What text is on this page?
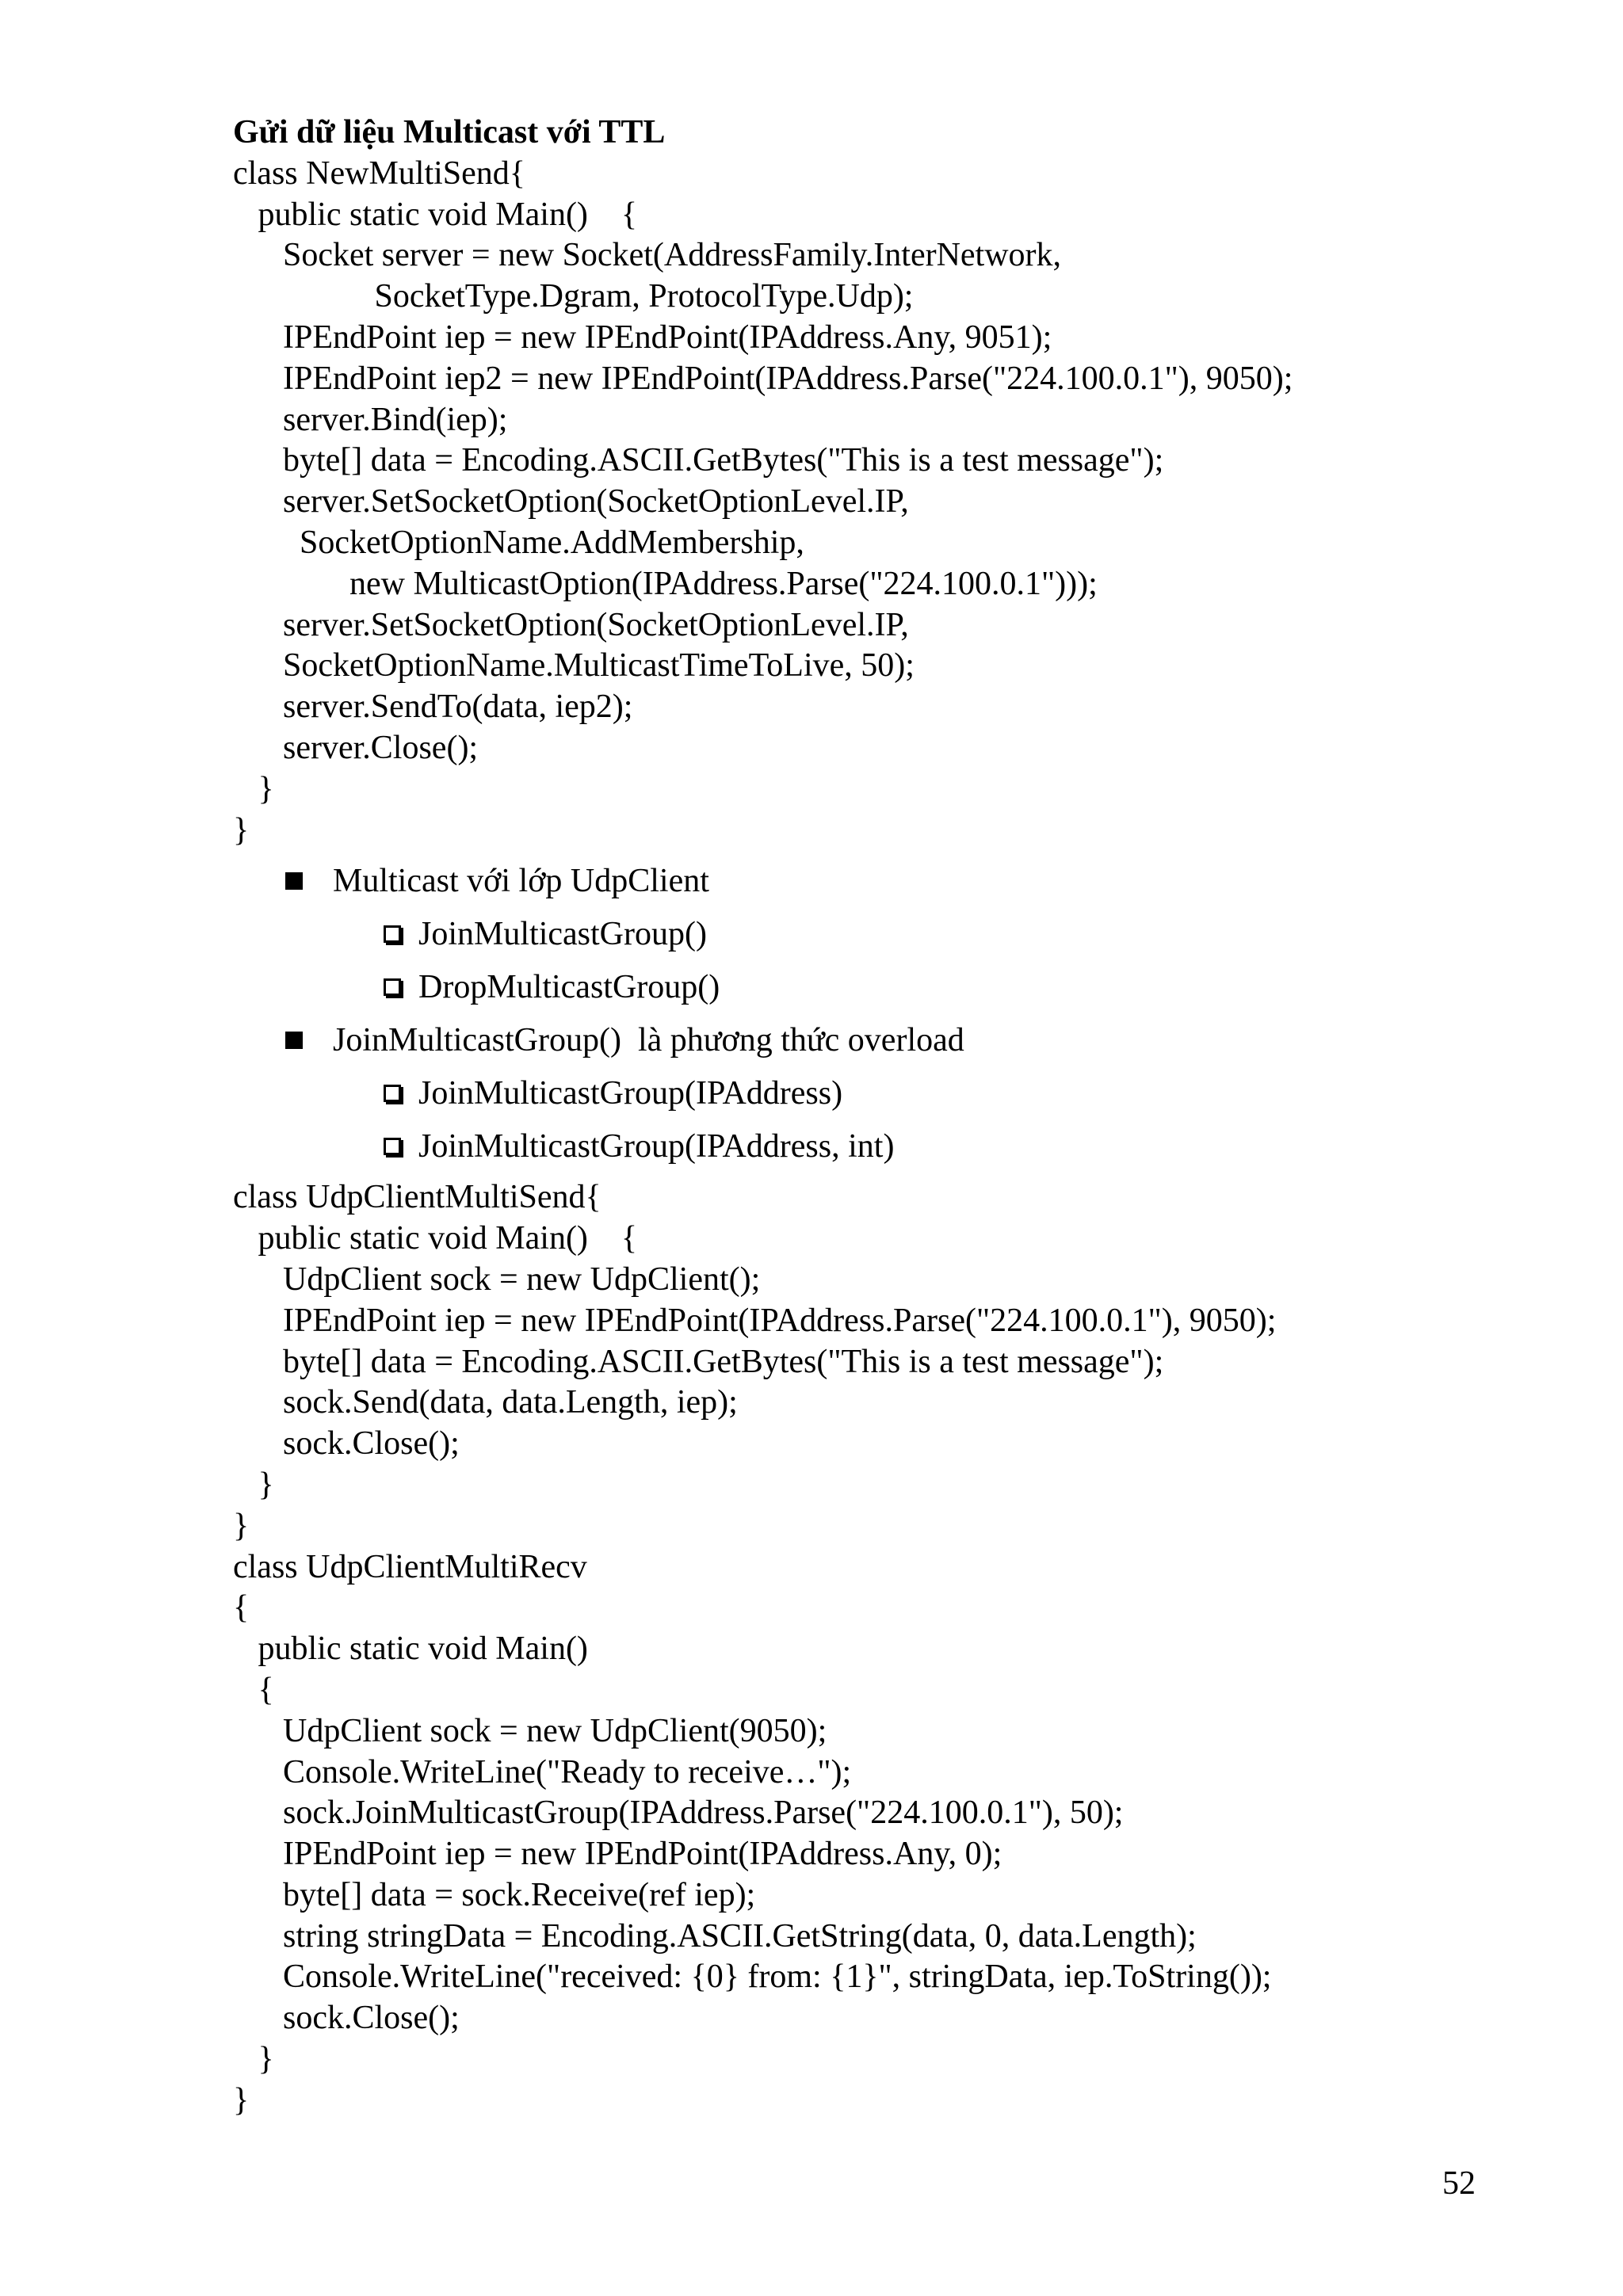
Gửi dữ liệu Multicast với TTL
class NewMultiSend{
public static void Main()    {
Socket server = new Socket(AddressFamily.InterNetwork,
SocketType.Dgram, ProtocolType.Udp);
IPEndPoint iep = new IPEndPoint(IPAddress.Any, 9051);
IPEndPoint iep2 = new IPEndPoint(IPAddress.Parse("224.100.0.1"), 9050);
server.Bind(iep);
byte[] data = Encoding.ASCII.GetBytes("This is a test message");
server.SetSocketOption(SocketOptionLevel.IP,
SocketOptionName.AddMembership,
new MulticastOption(IPAddress.Parse("224.100.0.1")));
server.SetSocketOption(SocketOptionLevel.IP,
SocketOptionName.MulticastTimeToLive, 50);
server.SendTo(data, iep2);
server.Close();
}
}
Multicast với lớp UdpClient
JoinMulticastGroup()
DropMulticastGroup()
JoinMulticastGroup()  là phương thức overload
JoinMulticastGroup(IPAddress)
JoinMulticastGroup(IPAddress, int)
class UdpClientMultiSend{
public static void Main()    {
UdpClient sock = new UdpClient();
IPEndPoint iep = new IPEndPoint(IPAddress.Parse("224.100.0.1"), 9050);
byte[] data = Encoding.ASCII.GetBytes("This is a test message");
sock.Send(data, data.Length, iep);
sock.Close();
}
}
class UdpClientMultiRecv
{
public static void Main()
{
UdpClient sock = new UdpClient(9050);
Console.WriteLine("Ready to receive…");
sock.JoinMulticastGroup(IPAddress.Parse("224.100.0.1"), 50);
IPEndPoint iep = new IPEndPoint(IPAddress.Any, 0);
byte[] data = sock.Receive(ref iep);
string stringData = Encoding.ASCII.GetString(data, 0, data.Length);
Console.WriteLine("received: {0} from: {1}", stringData, iep.ToString());
sock.Close();
}
}
52
